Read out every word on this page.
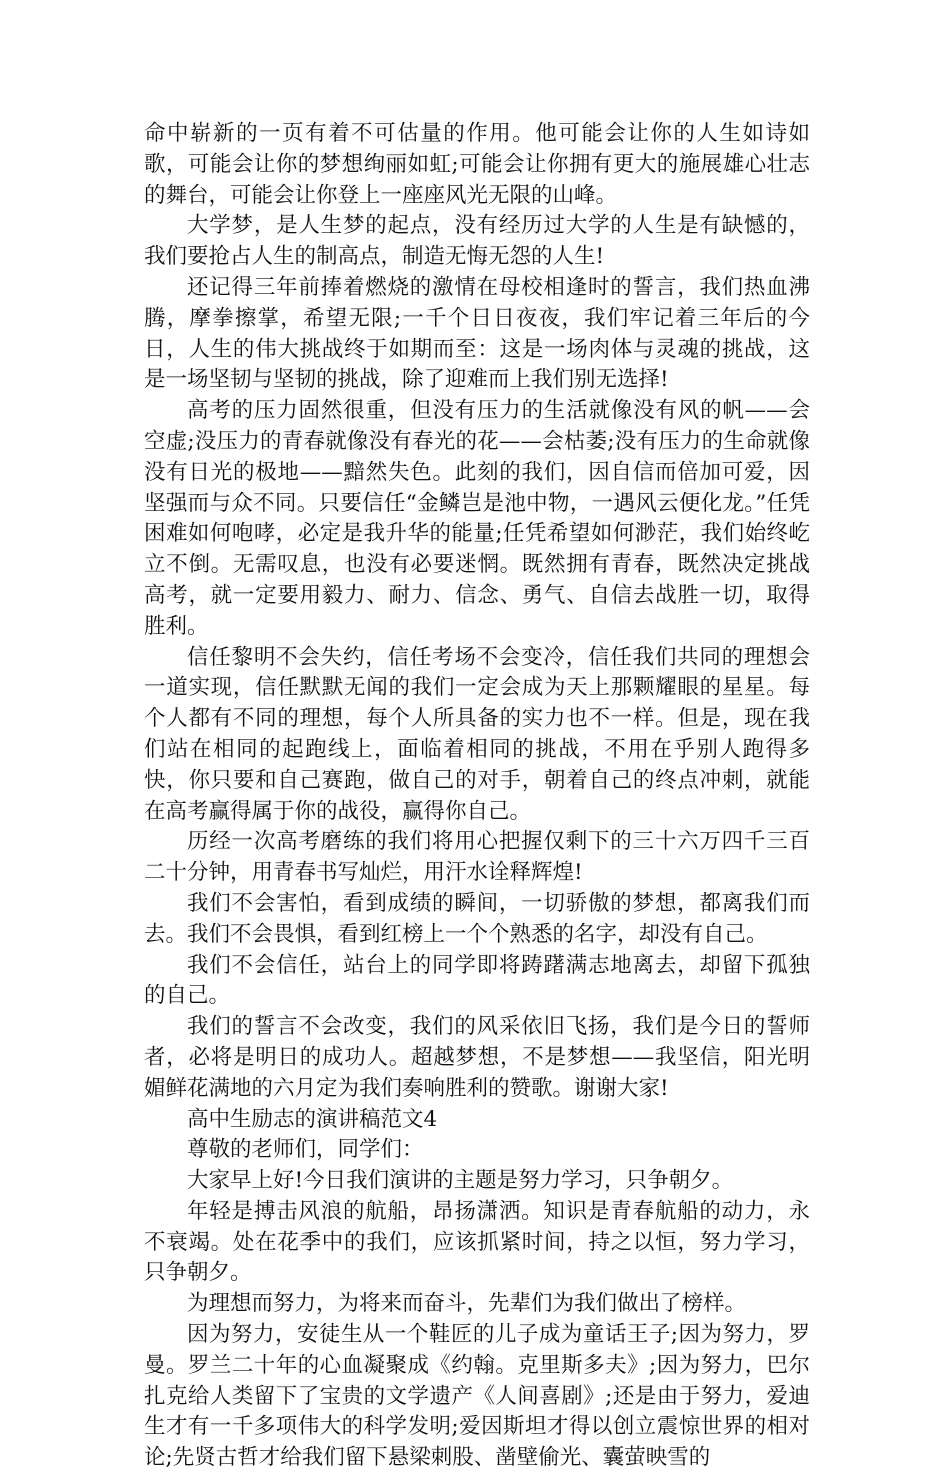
命中崭新的一页有着不可估量的作用。他可能会让你的人生如诗如歌，可能会让你的梦想绚丽如虹;可能会让你拥有更大的施展雄心壮志的舞台，可能会让你登上一座座风光无限的山峰。

大学梦，是人生梦的起点，没有经历过大学的人生是有缺憾的，我们要抢占人生的制高点，制造无悔无怨的人生!

还记得三年前捧着燃烧的激情在母校相逢时的誓言，我们热血沸腾，摩拳擦掌，希望无限;一千个日日夜夜，我们牢记着三年后的今日，人生的伟大挑战终于如期而至：这是一场肉体与灵魂的挑战，这是一场坚韧与坚韧的挑战，除了迎难而上我们别无选择!

高考的压力固然很重，但没有压力的生活就像没有风的帆——会空虚;没压力的青春就像没有春光的花——会枯萎;没有压力的生命就像没有日光的极地——黯然失色。此刻的我们，因自信而倍加可爱，因坚强而与众不同。只要信任“金鳞岂是池中物，一遇风云便化龙。”任凭困难如何咆哮，必定是我升华的能量;任凭希望如何渺茫，我们始终屹立不倒。无需叹息，也没有必要迷惘。既然拥有青春，既然决定挑战高考，就一定要用毅力、耐力、信念、勇气、自信去战胜一切，取得胜利。

信任黎明不会失约，信任考场不会变冷，信任我们共同的理想会一道实现，信任默默无闻的我们一定会成为天上那颗耀眼的星星。每个人都有不同的理想，每个人所具备的实力也不一样。但是，现在我们站在相同的起跑线上，面临着相同的挑战，不用在乎别人跑得多快，你只要和自己赛跑，做自己的对手，朝着自己的终点冲刺，就能在高考赢得属于你的战役，赢得你自己。

历经一次高考磨练的我们将用心把握仅剩下的三十六万四千三百二十分钟，用青春书写灿烂，用汗水诠释辉煌!

我们不会害怕，看到成绩的瞬间，一切骄傲的梦想，都离我们而去。我们不会畏惧，看到红榜上一个个熟悉的名字，却没有自己。

我们不会信任，站台上的同学即将踌躇满志地离去，却留下孤独的自己。

我们的誓言不会改变，我们的风采依旧飞扬，我们是今日的誓师者，必将是明日的成功人。超越梦想，不是梦想——我坚信，阳光明媚鲜花满地的六月定为我们奏响胜利的赞歌。谢谢大家!

高中生励志的演讲稿范文4

尊敬的老师们，同学们：

大家早上好!今日我们演讲的主题是努力学习，只争朝夕。

年轻是搏击风浪的航船，昂扬潇洒。知识是青春航船的动力，永不衰竭。处在花季中的我们，应该抓紧时间，持之以恒，努力学习，只争朝夕。

为理想而努力，为将来而奋斗，先辈们为我们做出了榜样。

因为努力，安徒生从一个鞋匠的儿子成为童话王子;因为努力，罗曼。罗兰二十年的心血凝聚成《约翰。克里斯多夫》;因为努力，巴尔扎克给人类留下了宝贵的文学遗产《人间喜剧》;还是由于努力，爱迪生才有一千多项伟大的科学发明;爱因斯坦才得以创立震惊世界的相对论;先贤古哲才给我们留下悬梁刺股、凿壁偷光、囊萤映雪的
